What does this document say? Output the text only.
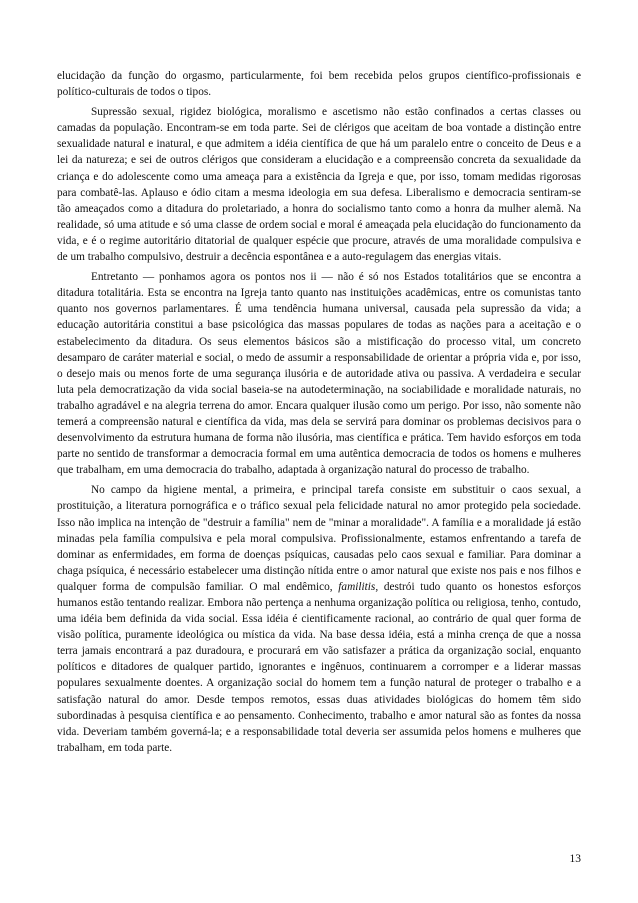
elucidação da função do orgasmo, particularmente, foi bem recebida pelos grupos científico-profissionais e político-culturais de todos o tipos.

Supressão sexual, rigidez biológica, moralismo e ascetismo não estão confinados a certas classes ou camadas da população. Encontram-se em toda parte. Sei de clérigos que aceitam de boa vontade a distinção entre sexualidade natural e inatural, e que admitem a idéia científica de que há um paralelo entre o conceito de Deus e a lei da natureza; e sei de outros clérigos que consideram a elucidação e a compreensão concreta da sexualidade da criança e do adolescente como uma ameaça para a existência da Igreja e que, por isso, tomam medidas rigorosas para combatê-las. Aplauso e ódio citam a mesma ideologia em sua defesa. Liberalismo e democracia sentiram-se tão ameaçados como a ditadura do proletariado, a honra do socialismo tanto como a honra da mulher alemã. Na realidade, só uma atitude e só uma classe de ordem social e moral é ameaçada pela elucidação do funcionamento da vida, e é o regime autoritário ditatorial de qualquer espécie que procure, através de uma moralidade compulsiva e de um trabalho compulsivo, destruir a decência espontânea e a auto-regulagem das energias vitais.

Entretanto — ponhamos agora os pontos nos ii — não é só nos Estados totalitários que se encontra a ditadura totalitária. Esta se encontra na Igreja tanto quanto nas instituições acadêmicas, entre os comunistas tanto quanto nos governos parlamentares. É uma tendência humana universal, causada pela supressão da vida; a educação autoritária constitui a base psicológica das massas populares de todas as nações para a aceitação e o estabelecimento da ditadura. Os seus elementos básicos são a mistificação do processo vital, um concreto desamparo de caráter material e social, o medo de assumir a responsabilidade de orientar a própria vida e, por isso, o desejo mais ou menos forte de uma segurança ilusória e de autoridade ativa ou passiva. A verdadeira e secular luta pela democratização da vida social baseia-se na autodeterminação, na sociabilidade e moralidade naturais, no trabalho agradável e na alegria terrena do amor. Encara qualquer ilusão como um perigo. Por isso, não somente não temerá a compreensão natural e científica da vida, mas dela se servirá para dominar os problemas decisivos para o desenvolvimento da estrutura humana de forma não ilusória, mas científica e prática. Tem havido esforços em toda parte no sentido de transformar a democracia formal em uma autêntica democracia de todos os homens e mulheres que trabalham, em uma democracia do trabalho, adaptada à organização natural do processo de trabalho.

No campo da higiene mental, a primeira, e principal tarefa consiste em substituir o caos sexual, a prostituição, a literatura pornográfica e o tráfico sexual pela felicidade natural no amor protegido pela sociedade. Isso não implica na intenção de "destruir a família" nem de "minar a moralidade". A família e a moralidade já estão minadas pela família compulsiva e pela moral compulsiva. Profissionalmente, estamos enfrentando a tarefa de dominar as enfermidades, em forma de doenças psíquicas, causadas pelo caos sexual e familiar. Para dominar a chaga psíquica, é necessário estabelecer uma distinção nítida entre o amor natural que existe nos pais e nos filhos e qualquer forma de compulsão familiar. O mal endêmico, familitis, destrói tudo quanto os honestos esforços humanos estão tentando realizar. Embora não pertença a nenhuma organização política ou religiosa, tenho, contudo, uma idéia bem definida da vida social. Essa idéia é cientificamente racional, ao contrário de qual quer forma de visão política, puramente ideológica ou mística da vida. Na base dessa idéia, está a minha crença de que a nossa terra jamais encontrará a paz duradoura, e procurará em vão satisfazer a prática da organização social, enquanto políticos e ditadores de qualquer partido, ignorantes e ingênuos, continuarem a corromper e a liderar massas populares sexualmente doentes. A organização social do homem tem a função natural de proteger o trabalho e a satisfação natural do amor. Desde tempos remotos, essas duas atividades biológicas do homem têm sido subordinadas à pesquisa científica e ao pensamento. Conhecimento, trabalho e amor natural são as fontes da nossa vida. Deveriam também governá-la; e a responsabilidade total deveria ser assumida pelos homens e mulheres que trabalham, em toda parte.

13
